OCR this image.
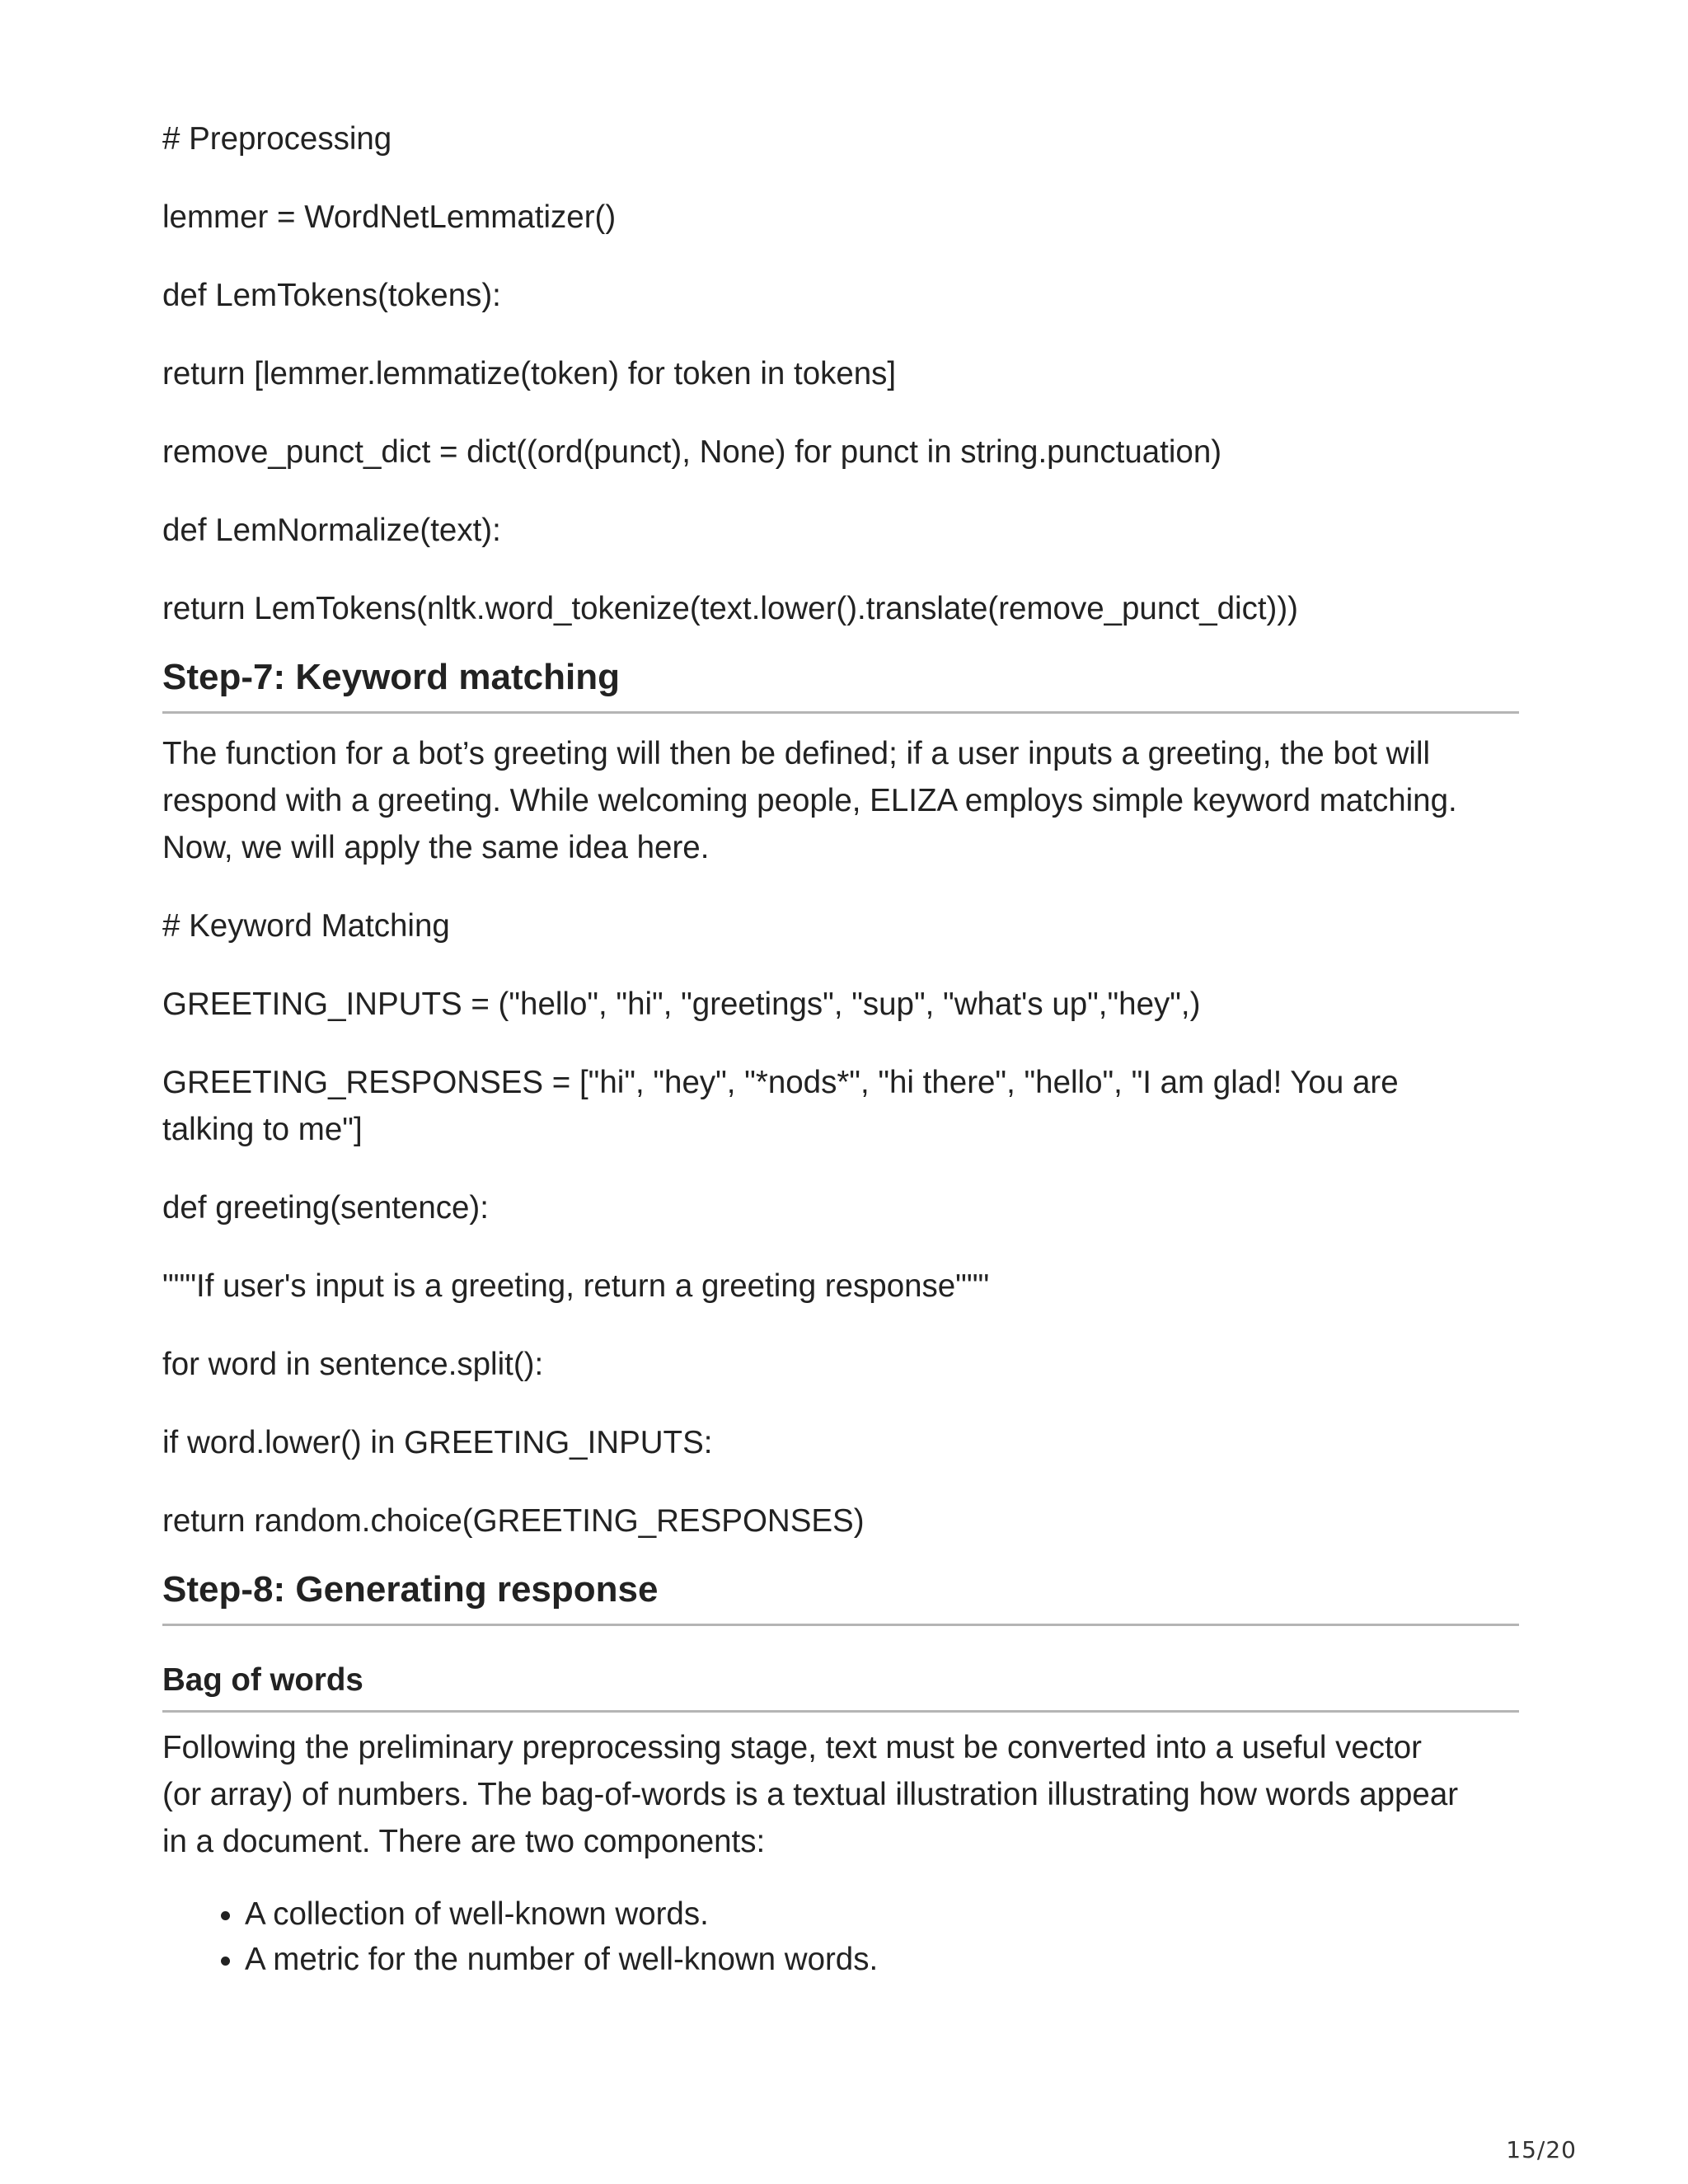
# Preprocessing

lemmer = WordNetLemmatizer()

def LemTokens(tokens):

return [lemmer.lemmatize(token) for token in tokens]

remove_punct_dict = dict((ord(punct), None) for punct in string.punctuation)

def LemNormalize(text):

return LemTokens(nltk.word_tokenize(text.lower().translate(remove_punct_dict)))

Step-7: Keyword matching

The function for a bot’s greeting will then be defined; if a user inputs a greeting, the bot will
respond with a greeting. While welcoming people, ELIZA employs simple keyword matching.
Now, we will apply the same idea here.

# Keyword Matching

GREETING_INPUTS = ("hello", "hi", "greetings", "sup", "what's up","hey",)

GREETING_RESPONSES = ["hi", "hey", "*nods*", "hi there", "hello", "I am glad! You are
talking to me"]

def greeting(sentence):

"""If user's input is a greeting, return a greeting response"""

for word in sentence.split():

if word.lower() in GREETING_INPUTS:

return random.choice(GREETING_RESPONSES)

Step-8: Generating response
Bag of words

Following the preliminary preprocessing stage, text must be converted into a useful vector
(or array) of numbers. The bag-of-words is a textual illustration illustrating how words appear
in a document. There are two components:

• A collection of well-known words.
• A metric for the number of well-known words.
15/20
